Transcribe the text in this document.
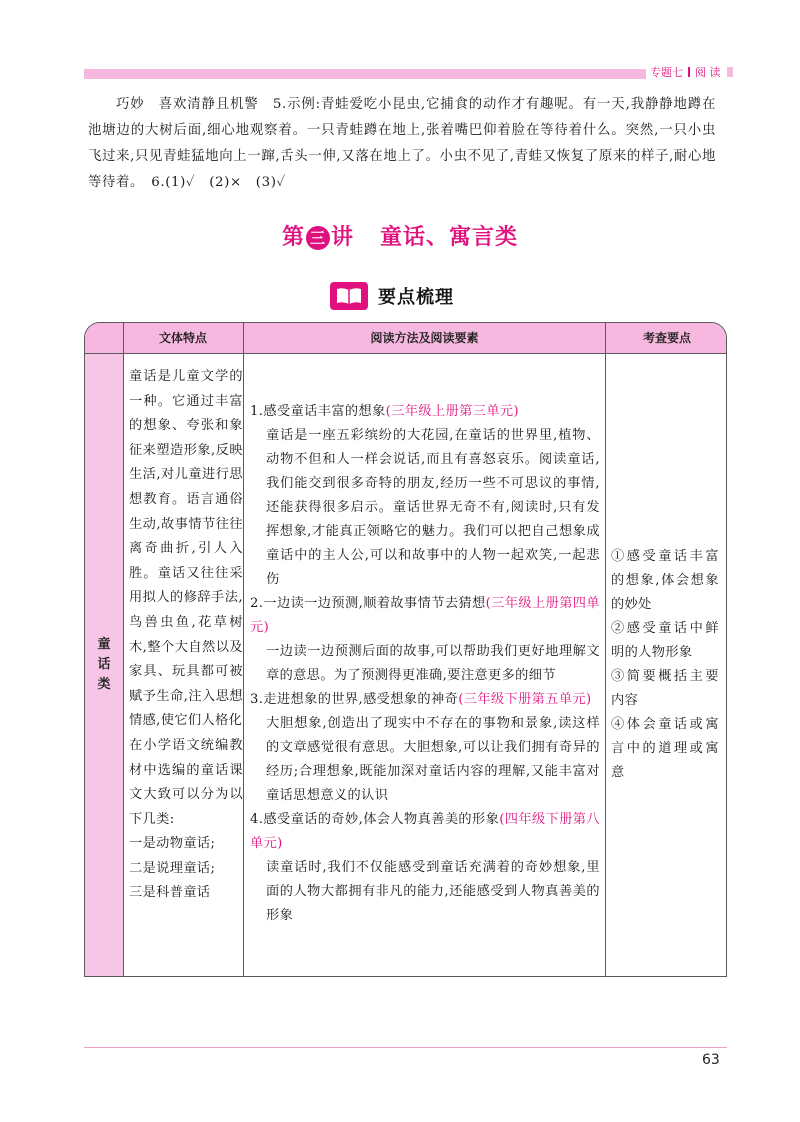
专题七 阅 读

巧妙　喜欢清静且机警　5.示例:青蛙爱吃小昆虫,它捕食的动作才有趣呢。有一天,我静静地蹲在池塘边的大树后面,细心地观察着。一只青蛙蹲在地上,张着嘴巴仰着脸在等待着什么。突然,一只小虫飞过来,只见青蛙猛地向上一蹿,舌头一伸,又落在地上了。小虫不见了,青蛙又恢复了原来的样子,耐心地等待着。　6.(1)✓　(2)×　(3)✓

第 三 讲 童话、寓言类
要点梳理
文体特点	阅读方法及阅读要素	考查要点
童话类

童话是儿童文学的一种。它通过丰富的想象、夸张和象征来塑造形象,反映生活,对儿童进行思想教育。语言通俗生动,故事情节往往离奇曲折,引人入胜。童话又往往采用拟人的修辞手法,鸟兽虫鱼,花草树木,整个大自然以及家具、玩具都可被赋予生命,注入思想情感,使它们人格化

在小学语文统编教材中选编的童话课文大致可以分为以下几类:

一是动物童话;

二是说理童话;

三是科普童话

1.感受童话丰富的想象(三年级上册第三单元)

童话是一座五彩缤纷的大花园,在童话的世界里,植物、动物不但和人一样会说话,而且有喜怒哀乐。阅读童话,我们能交到很多奇特的朋友,经历一些不可思议的事情,还能获得很多启示。童话世界无奇不有,阅读时,只有发挥想象,才能真正领略它的魅力。我们可以把自己想象成童话中的主人公,可以和故事中的人物一起欢笑,一起悲伤

2.一边读一边预测,顺着故事情节去猜想(三年级上册第四单元)

一边读一边预测后面的故事,可以帮助我们更好地理解文章的意思。为了预测得更准确,要注意更多的细节

3.走进想象的世界,感受想象的神奇(三年级下册第五单元)

大胆想象,创造出了现实中不存在的事物和景象,读这样的文章感觉很有意思。大胆想象,可以让我们拥有奇异的经历;合理想象,既能加深对童话内容的理解,又能丰富对童话思想意义的认识

4.感受童话的奇妙,体会人物真善美的形象(四年级下册第八单元)

读童话时,我们不仅能感受到童话充满着的奇妙想象,里面的人物大都拥有非凡的能力,还能感受到人物真善美的形象

①感受童话丰富的想象,体会想象的妙处

②感受童话中鲜明的人物形象

③简要概括主要内容

④体会童话或寓言中的道理或寓意

63
